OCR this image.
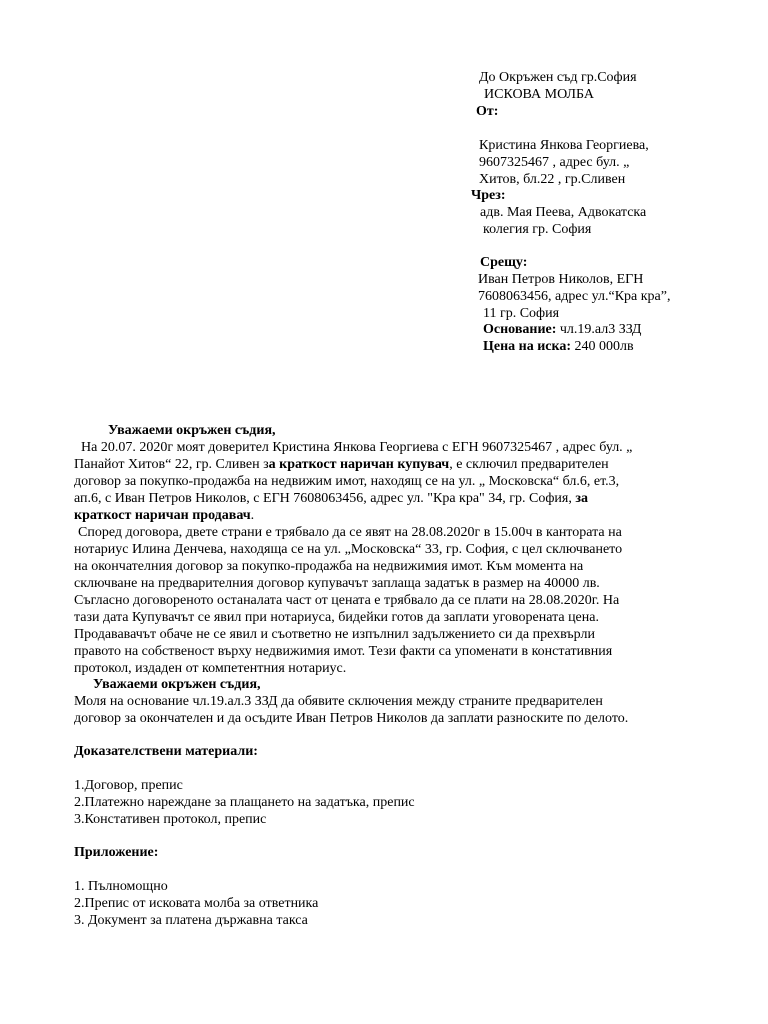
До Окръжен съд гр.София
ИСКОВА МОЛБА
От:
Кристина Янкова Георгиева,
9607325467 , адрес бул. „
Хитов, бл.22 , гр.Сливен
Чрез:
адв. Мая Пеева, Адвокатска
колегия гр. София
Срещу:
Иван Петров Николов, ЕГН
7608063456, адрес ул.“Кра кра”,
11 гр. София
Основание: чл.19.ал3 ЗЗД
Цена на иска: 240 000лв
Уважаеми окръжен съдия,
На 20.07. 2020г моят доверител Кристина Янкова Георгиева с ЕГН 9607325467 , адрес бул. „
Панайот Хитов“ 22, гр. Сливен за краткост наричан купувач, е сключил предварителен
договор за покупко-продажба на недвижим имот, находящ се на ул. „ Московска“ бл.6, ет.3,
ап.6, с Иван Петров Николов, с ЕГН 7608063456, адрес ул. "Кра кра" 34, гр. София, за
краткост наричан продавач.
Според договора, двете страни е трябвало да се явят на 28.08.2020г в 15.00ч в кантората на
нотариус Илина Денчева, находяща се на ул. „Московска“ 33, гр. София, с цел сключването
на окончателния договор за покупко-продажба на недвижимия имот. Към момента на
сключване на предварителния договор купувачът заплаща задатък в размер на 40000 лв.
Съгласно договореното останалата част от цената е трябвало да се плати на 28.08.2020г. На
тази дата Купувачът се явил при нотариуса, бидейки готов да заплати уговорената цена.
Продававачът обаче не се явил и съответно не изпълнил задължението си да прехвърли
правото на собственост върху недвижимия имот. Тези факти са упоменати в констативния
протокол, издаден от компетентния нотариус.
Уважаеми окръжен съдия,
Моля на основание чл.19.ал.3 ЗЗД да обявите сключения между страните предварителен
договор за окончателен и да осъдите Иван Петров Николов да заплати разноските по делото.
Доказателствени материали:
1.Договор, препис
2.Платежно нареждане за плащането на задатъка, препис
3.Констативен протокол, препис
Приложение:
1. Пълномощно
2.Препис от исковата молба за ответника
3. Документ за платена държавна такса
